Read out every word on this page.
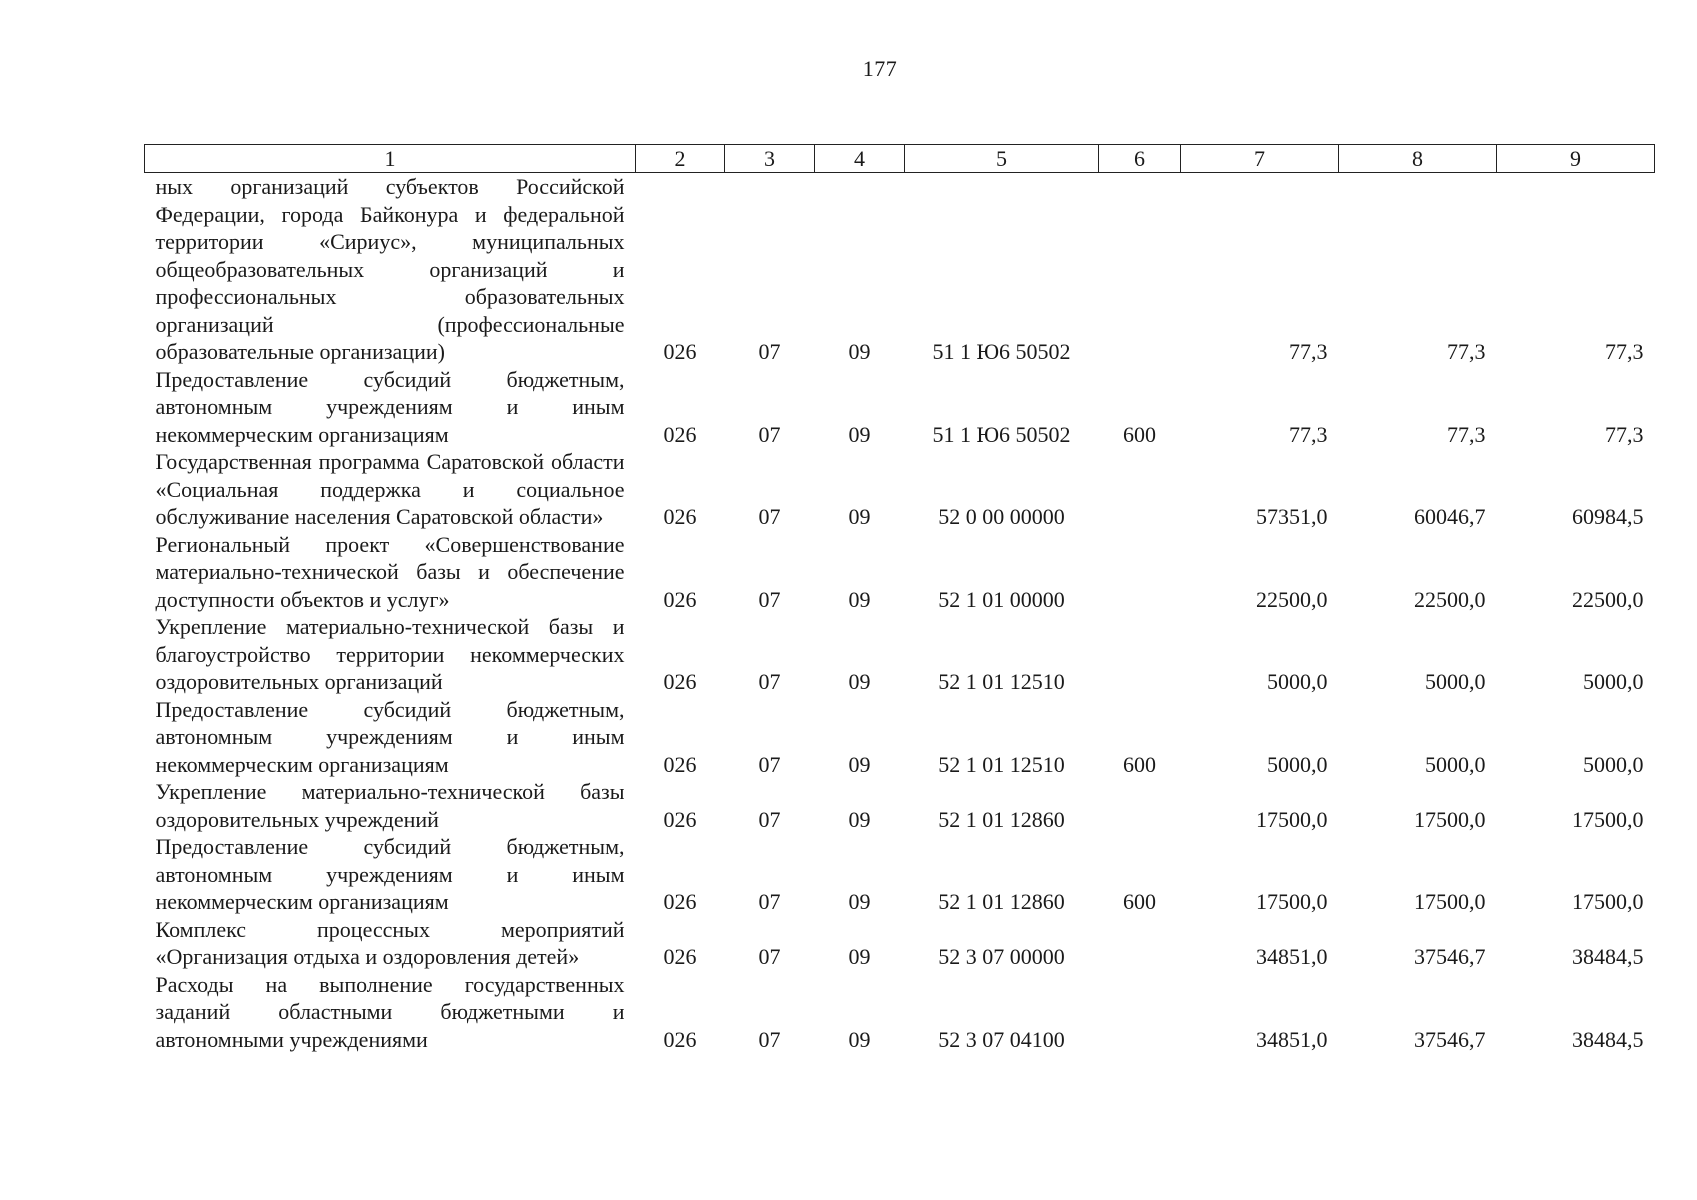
177
1	2	3	4	5	6	7	8	9
ных организаций субъектов Российской Федерации, города Байконура и федеральной территории «Сириус», муниципальных общеобразовательных организаций и профессиональных образовательных организаций (профессиональные образовательные организации)	026	07	09	51 1 Ю6 50502		77,3	77,3	77,3
Предоставление субсидий бюджетным, автономным учреждениям и иным некоммерческим организациям	026	07	09	51 1 Ю6 50502	600	77,3	77,3	77,3
Государственная программа Саратовской области «Социальная поддержка и социальное обслуживание населения Саратовской области»	026	07	09	52 0 00 00000		57351,0	60046,7	60984,5
Региональный проект «Совершенствование материально-технической базы и обеспечение доступности объектов и услуг»	026	07	09	52 1 01 00000		22500,0	22500,0	22500,0
Укрепление материально-технической базы и благоустройство территории некоммерческих оздоровительных организаций	026	07	09	52 1 01 12510		5000,0	5000,0	5000,0
Предоставление субсидий бюджетным, автономным учреждениям и иным некоммерческим организациям	026	07	09	52 1 01 12510	600	5000,0	5000,0	5000,0
Укрепление материально-технической базы оздоровительных учреждений	026	07	09	52 1 01 12860		17500,0	17500,0	17500,0
Предоставление субсидий бюджетным, автономным учреждениям и иным некоммерческим организациям	026	07	09	52 1 01 12860	600	17500,0	17500,0	17500,0
Комплекс процессных мероприятий «Организация отдыха и оздоровления детей»	026	07	09	52 3 07 00000		34851,0	37546,7	38484,5
Расходы на выполнение государственных заданий областными бюджетными и автономными учреждениями	026	07	09	52 3 07 04100		34851,0	37546,7	38484,5
